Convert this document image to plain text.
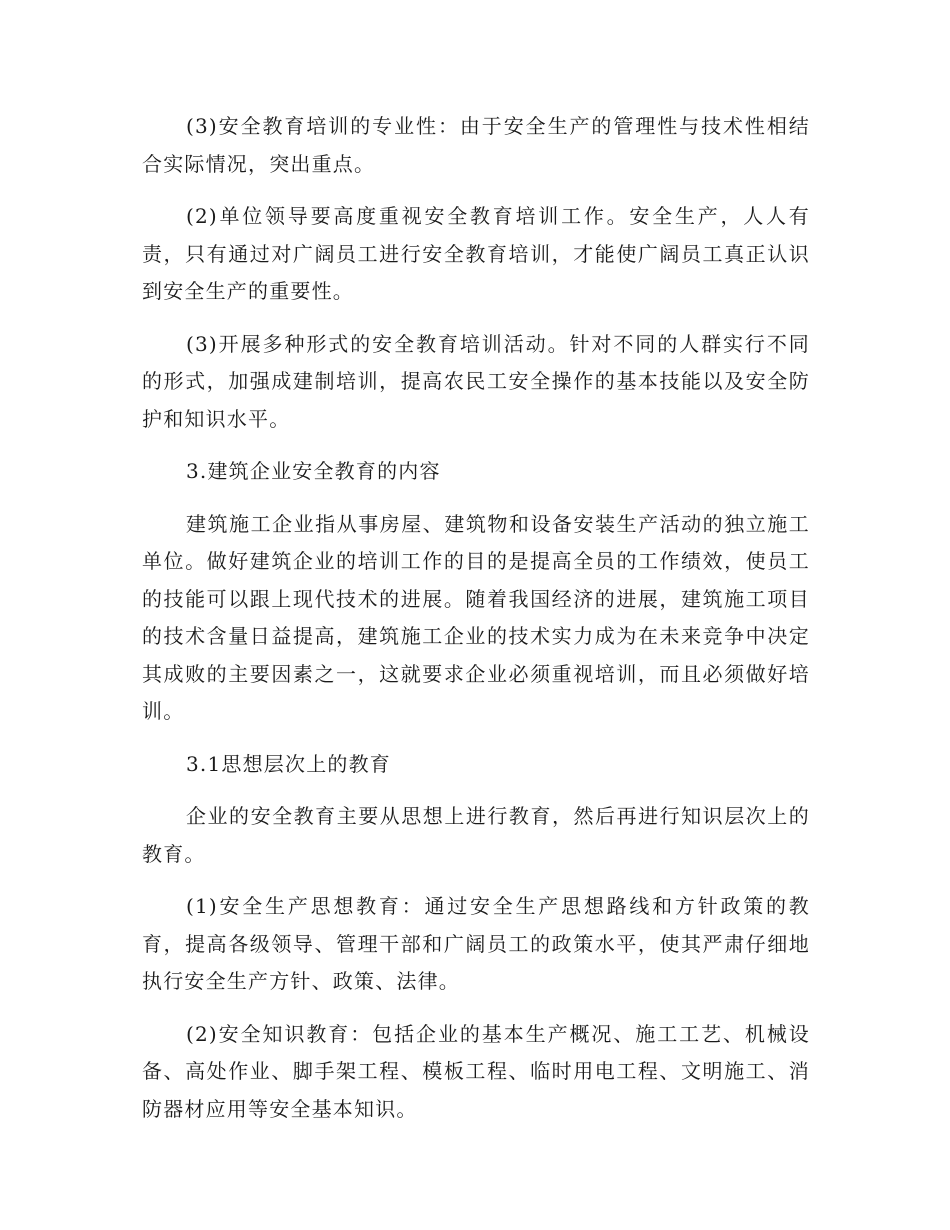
(3)安全教育培训的专业性：由于安全生产的管理性与技术性相结合实际情况，突出重点。

(2)单位领导要高度重视安全教育培训工作。安全生产，人人有责，只有通过对广阔员工进行安全教育培训，才能使广阔员工真正认识到安全生产的重要性。

(3)开展多种形式的安全教育培训活动。针对不同的人群实行不同的形式，加强成建制培训，提高农民工安全操作的基本技能以及安全防护和知识水平。

3.建筑企业安全教育的内容

建筑施工企业指从事房屋、建筑物和设备安装生产活动的独立施工单位。做好建筑企业的培训工作的目的是提高全员的工作绩效，使员工的技能可以跟上现代技术的进展。随着我国经济的进展，建筑施工项目的技术含量日益提高，建筑施工企业的技术实力成为在未来竞争中决定其成败的主要因素之一，这就要求企业必须重视培训，而且必须做好培训。

3.1思想层次上的教育

企业的安全教育主要从思想上进行教育，然后再进行知识层次上的教育。

(1)安全生产思想教育：通过安全生产思想路线和方针政策的教育，提高各级领导、管理干部和广阔员工的政策水平，使其严肃仔细地执行安全生产方针、政策、法律。

(2)安全知识教育：包括企业的基本生产概况、施工工艺、机械设备、高处作业、脚手架工程、模板工程、临时用电工程、文明施工、消防器材应用等安全基本知识。
